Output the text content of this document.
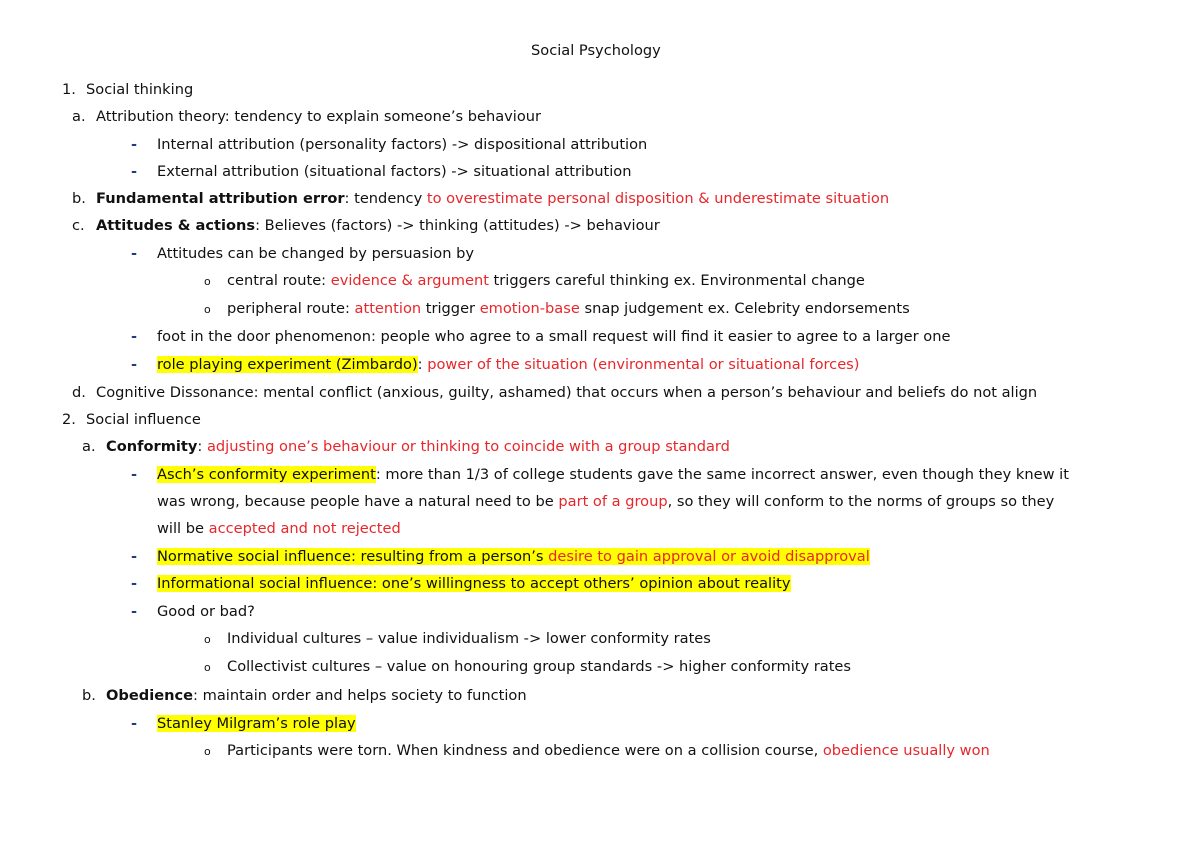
Social Psychology
1. Social thinking
a. Attribution theory: tendency to explain someone’s behaviour
- Internal attribution (personality factors) -> dispositional attribution
- External attribution (situational factors) -> situational attribution
b. Fundamental attribution error: tendency to overestimate personal disposition & underestimate situation
c. Attitudes & actions: Believes (factors) -> thinking (attitudes) -> behaviour
- Attitudes can be changed by persuasion by
o central route: evidence & argument triggers careful thinking ex. Environmental change
o peripheral route: attention trigger emotion-base snap judgement ex. Celebrity endorsements
- foot in the door phenomenon: people who agree to a small request will find it easier to agree to a larger one
- role playing experiment (Zimbardo): power of the situation (environmental or situational forces)
d. Cognitive Dissonance: mental conflict (anxious, guilty, ashamed) that occurs when a person’s behaviour and beliefs do not align
2. Social influence
a. Conformity: adjusting one’s behaviour or thinking to coincide with a group standard
- Asch’s conformity experiment: more than 1/3 of college students gave the same incorrect answer, even though they knew it
was wrong, because people have a natural need to be part of a group, so they will conform to the norms of groups so they
will be accepted and not rejected
- Normative social influence: resulting from a person’s desire to gain approval or avoid disapproval
- Informational social influence: one’s willingness to accept others’ opinion about reality
- Good or bad?
o Individual cultures – value individualism -> lower conformity rates
o Collectivist cultures – value on honouring group standards -> higher conformity rates
b. Obedience: maintain order and helps society to function
- Stanley Milgram’s role play
o Participants were torn. When kindness and obedience were on a collision course, obedience usually won
